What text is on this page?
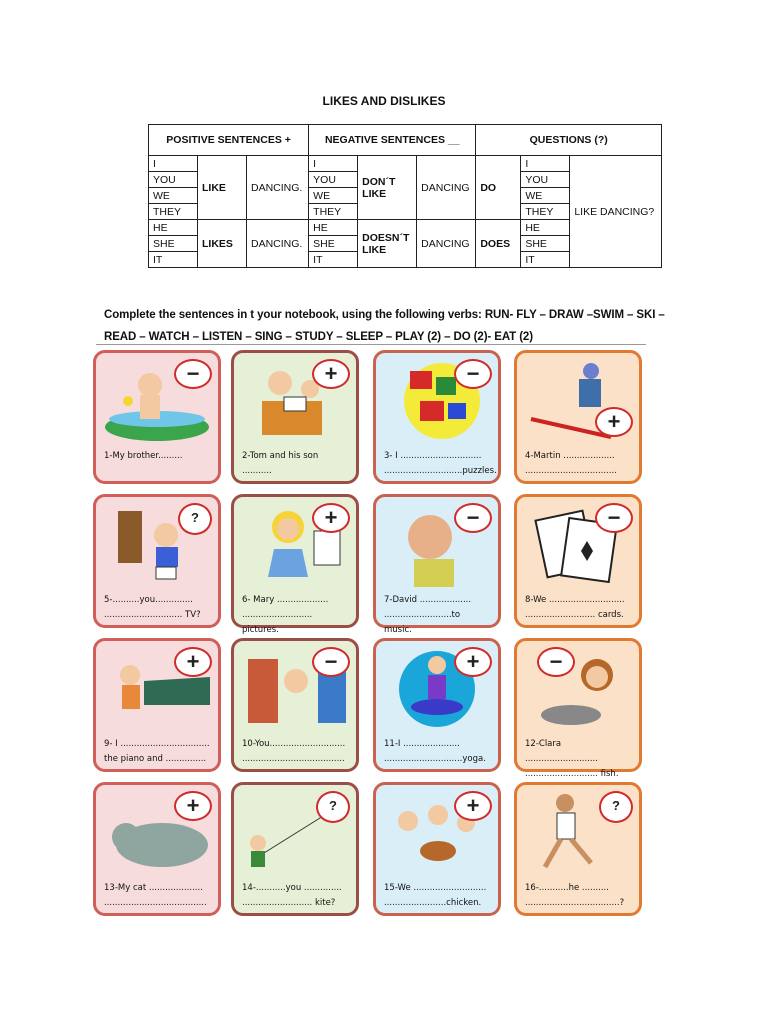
LIKES AND DISLIKES
POSITIVE SENTENCES +			NEGATIVE SENTENCES __			QUESTIONS (?)		
I	LIKE	DANCING.	I	DON´T LIKE	DANCING	DO	I	LIKE DANCING?
YOU			YOU				YOU	
WE			WE				WE	
THEY			THEY				THEY	
HE	LIKES	DANCING.	HE	DOESN´T LIKE	DANCING	DOES	HE	
SHE			SHE				SHE	
IT			IT				IT	
Complete the sentences in t your notebook, using the following verbs: RUN- FLY – DRAW –SWIM – SKI – READ – WATCH – LISTEN – SING – STUDY – SLEEP – PLAY (2) – DO (2)- EAT (2)
−
1-My brother.........
+
2-Tom and his son
...........
−
3- I ..............................
.............................puzzles.
+
4-Martin ...................
..................................
?
5-..........you..............
............................. TV?
+
6- Mary ...................
.......................... pictures.
−
7-David ...................
.........................to
music.
−
8-We ............................
.......................... cards.
+
9- I .................................
the piano and ...............
−
10-You............................
......................................
+
11-I .....................
.............................yoga.
−
12-Clara ...........................
........................... fish.
+
13-My cat ....................
......................................
?
14-...........you ..............
.......................... kite?
+
15-We ...........................
.......................chicken.
?
16-...........he ..........
...................................?
